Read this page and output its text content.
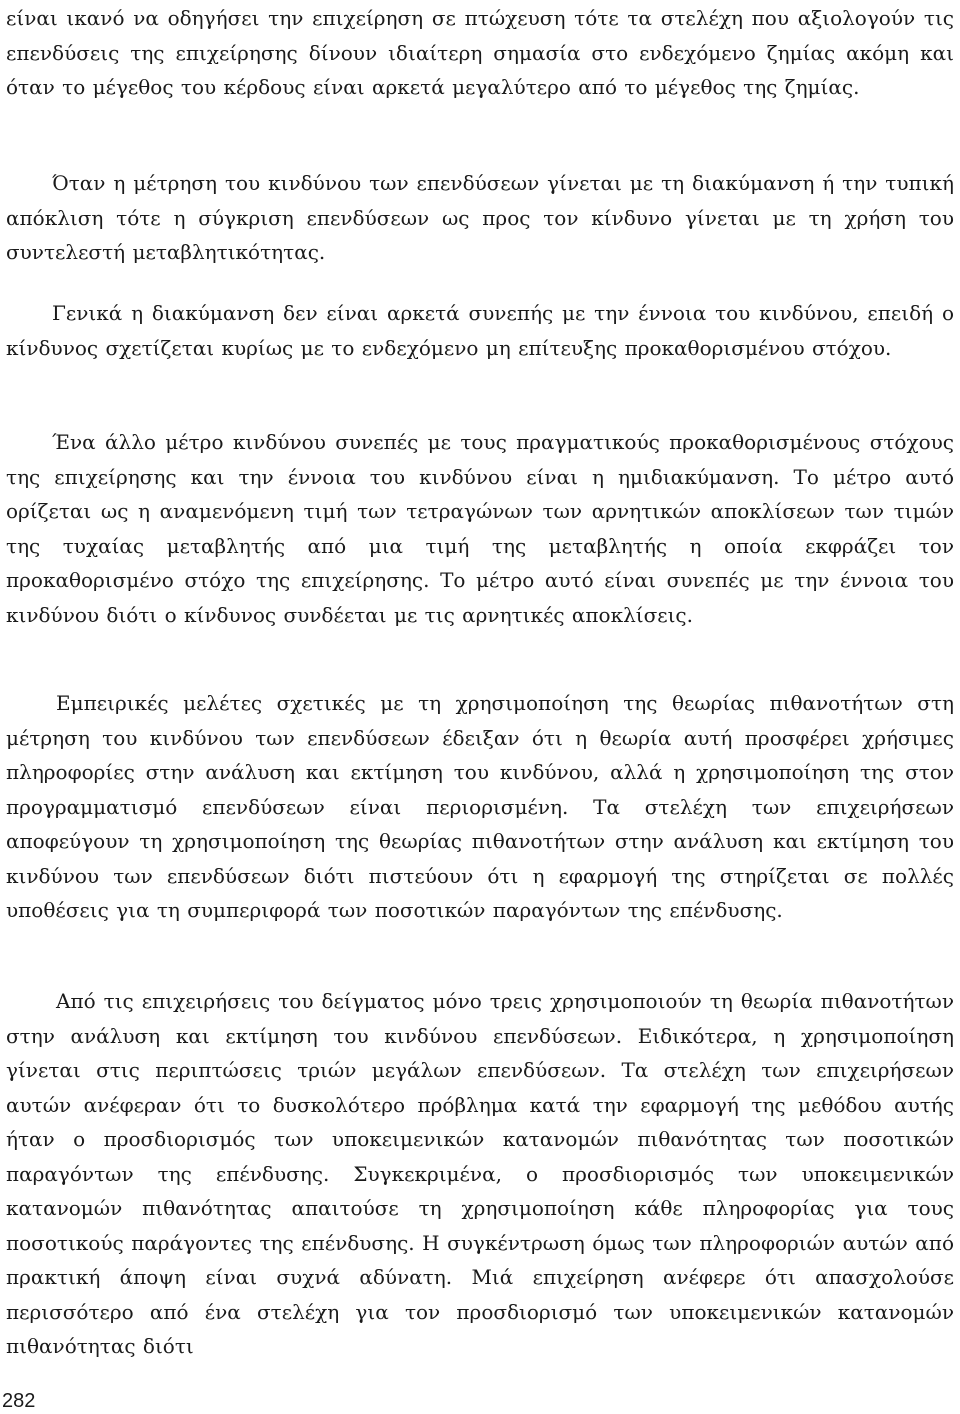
είναι ικανό να οδηγήσει την επιχείρηση σε πτώχευση τότε τα στελέχη που αξιολογούν τις επενδύσεις της επιχείρησης δίνουν ιδιαίτερη σημασία στο ενδεχόμενο ζημίας ακόμη και όταν το μέγεθος του κέρδους είναι αρκετά μεγαλύτερο από το μέγεθος της ζημίας.

Όταν η μέτρηση του κινδύνου των επενδύσεων γίνεται με τη διακύμανση ή την τυπική απόκλιση τότε η σύγκριση επενδύσεων ως προς τον κίνδυνο γίνεται με τη χρήση του συντελεστή μεταβλητικότητας.

Γενικά η διακύμανση δεν είναι αρκετά συνεπής με την έννοια του κινδύνου, επειδή ο κίνδυνος σχετίζεται κυρίως με το ενδεχόμενο μη επίτευξης προκαθορισμένου στόχου.

Ένα άλλο μέτρο κινδύνου συνεπές με τους πραγματικούς προκαθορισμένους στόχους της επιχείρησης και την έννοια του κινδύνου είναι η ημιδιακύμανση. Το μέτρο αυτό ορίζεται ως η αναμενόμενη τιμή των τετραγώνων των αρνητικών αποκλίσεων των τιμών της τυχαίας μεταβλητής από μια τιμή της μεταβλητής η οποία εκφράζει τον προκαθορισμένο στόχο της επιχείρησης. Το μέτρο αυτό είναι συνεπές με την έννοια του κινδύνου διότι ο κίνδυνος συνδέεται με τις αρνητικές αποκλίσεις.

Εμπειρικές μελέτες σχετικές με τη χρησιμοποίηση της θεωρίας πιθανοτήτων στη μέτρηση του κινδύνου των επενδύσεων έδειξαν ότι η θεωρία αυτή προσφέρει χρήσιμες πληροφορίες στην ανάλυση και εκτίμηση του κινδύνου, αλλά η χρησιμοποίηση της στον προγραμματισμό επενδύσεων είναι περιορισμένη. Τα στελέχη των επιχειρήσεων αποφεύγουν τη χρησιμοποίηση της θεωρίας πιθανοτήτων στην ανάλυση και εκτίμηση του κινδύνου των επενδύσεων διότι πιστεύουν ότι η εφαρμογή της στηρίζεται σε πολλές υποθέσεις για τη συμπεριφορά των ποσοτικών παραγόντων της επένδυσης.

Από τις επιχειρήσεις του δείγματος μόνο τρεις χρησιμοποιούν τη θεωρία πιθανοτήτων στην ανάλυση και εκτίμηση του κινδύνου επενδύσεων. Ειδικότερα, η χρησιμοποίηση γίνεται στις περιπτώσεις τριών μεγάλων επενδύσεων. Τα στελέχη των επιχειρήσεων αυτών ανέφεραν ότι το δυσκολότερο πρόβλημα κατά την εφαρμογή της μεθόδου αυτής ήταν ο προσδιορισμός των υποκειμενικών κατανομών πιθανότητας των ποσοτικών παραγόντων της επένδυσης. Συγκεκριμένα, ο προσδιορισμός των υποκειμενικών κατανομών πιθανότητας απαιτούσε τη χρησιμοποίηση κάθε πληροφορίας για τους ποσοτικούς παράγοντες της επένδυσης. Η συγκέντρωση όμως των πληροφοριών αυτών από πρακτική άποψη είναι συχνά αδύνατη. Μιά επιχείρηση ανέφερε ότι απασχολούσε περισσότερο από ένα στελέχη για τον προσδιορισμό των υποκειμενικών κατανομών πιθανότητας διότι

282
